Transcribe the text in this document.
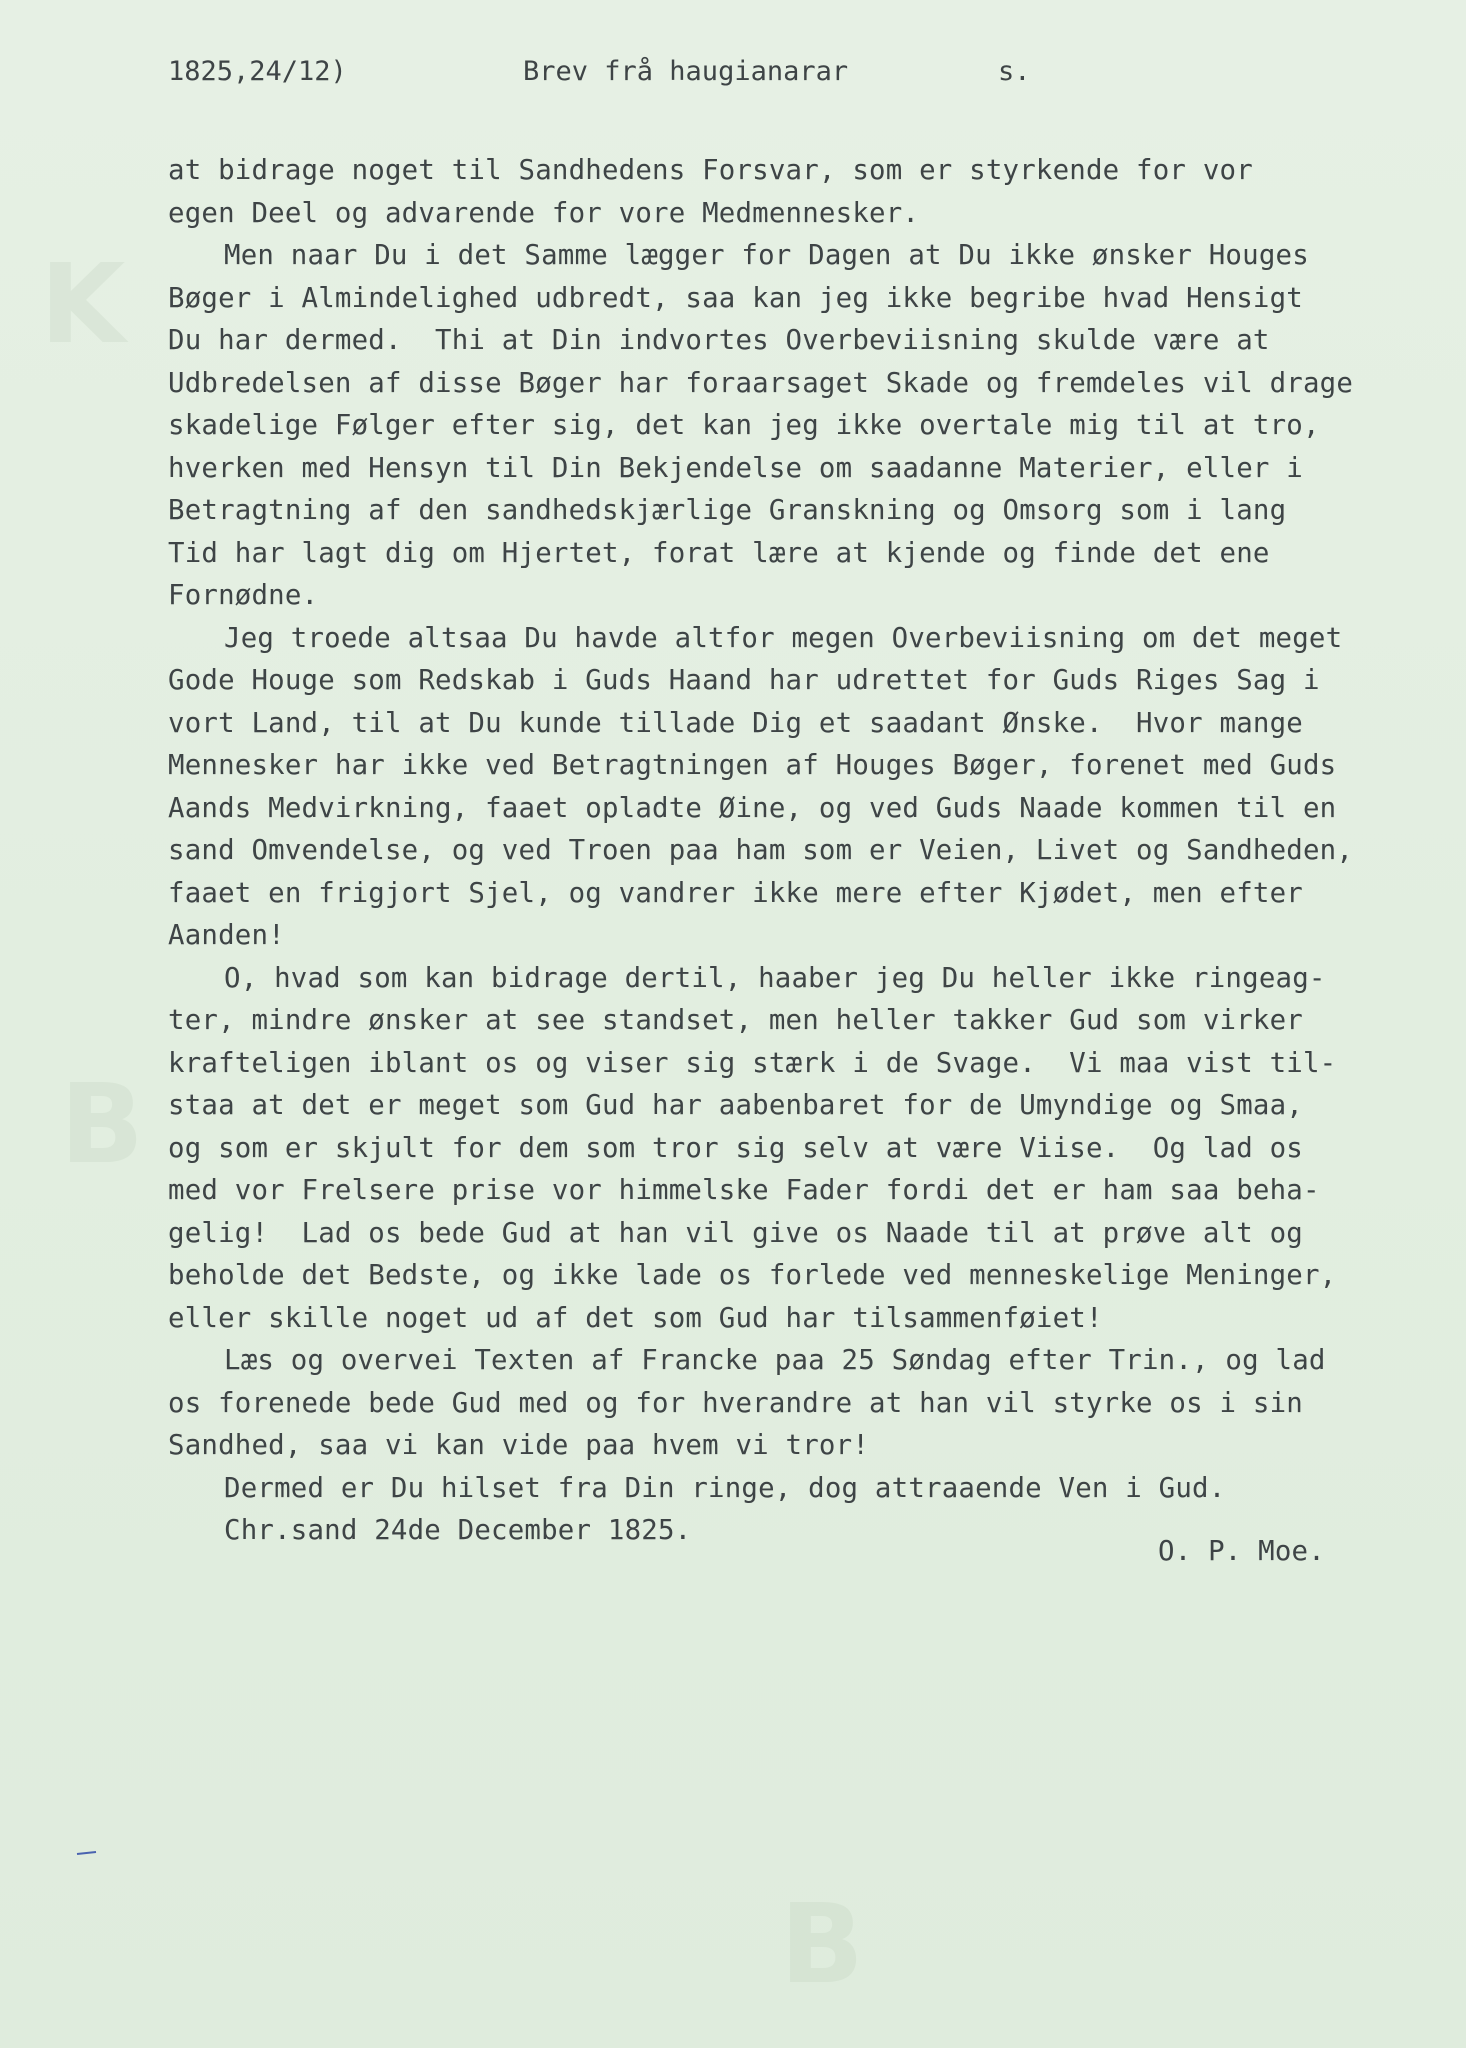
K
B
B

1825,24/12)

	Brev frå haugianarar

	s.

at bidrage noget til Sandhedens Forsvar, som er styrkende for vor
egen Deel og advarende for vore Medmennesker.
Men naar Du i det Samme lægger for Dagen at Du ikke ønsker Houges
Bøger i Almindelighed udbredt, saa kan jeg ikke begribe hvad Hensigt
Du har dermed.  Thi at Din indvortes Overbeviisning skulde være at
Udbredelsen af disse Bøger har foraarsaget Skade og fremdeles vil drage
skadelige Følger efter sig, det kan jeg ikke overtale mig til at tro,
hverken med Hensyn til Din Bekjendelse om saadanne Materier, eller i
Betragtning af den sandhedskjærlige Granskning og Omsorg som i lang
Tid har lagt dig om Hjertet, forat lære at kjende og finde det ene
Fornødne.
Jeg troede altsaa Du havde altfor megen Overbeviisning om det meget
Gode Houge som Redskab i Guds Haand har udrettet for Guds Riges Sag i
vort Land, til at Du kunde tillade Dig et saadant Ønske.  Hvor mange
Mennesker har ikke ved Betragtningen af Houges Bøger, forenet med Guds
Aands Medvirkning, faaet opladte Øine, og ved Guds Naade kommen til en
sand Omvendelse, og ved Troen paa ham som er Veien, Livet og Sandheden,
faaet en frigjort Sjel, og vandrer ikke mere efter Kjødet, men efter
Aanden!
O, hvad som kan bidrage dertil, haaber jeg Du heller ikke ringeag-
ter, mindre ønsker at see standset, men heller takker Gud som virker
krafteligen iblant os og viser sig stærk i de Svage.  Vi maa vist til-
staa at det er meget som Gud har aabenbaret for de Umyndige og Smaa,
og som er skjult for dem som tror sig selv at være Viise.  Og lad os
med vor Frelsere prise vor himmelske Fader fordi det er ham saa beha-
gelig!  Lad os bede Gud at han vil give os Naade til at prøve alt og
beholde det Bedste, og ikke lade os forlede ved menneskelige Meninger,
eller skille noget ud af det som Gud har tilsammenføiet!
Læs og overvei Texten af Francke paa 25 Søndag efter Trin., og lad
os forenede bede Gud med og for hverandre at han vil styrke os i sin
Sandhed, saa vi kan vide paa hvem vi tror!
Dermed er Du hilset fra Din ringe, dog attraaende Ven i Gud.
Chr.sand 24de December 1825.
O. P. Moe.
